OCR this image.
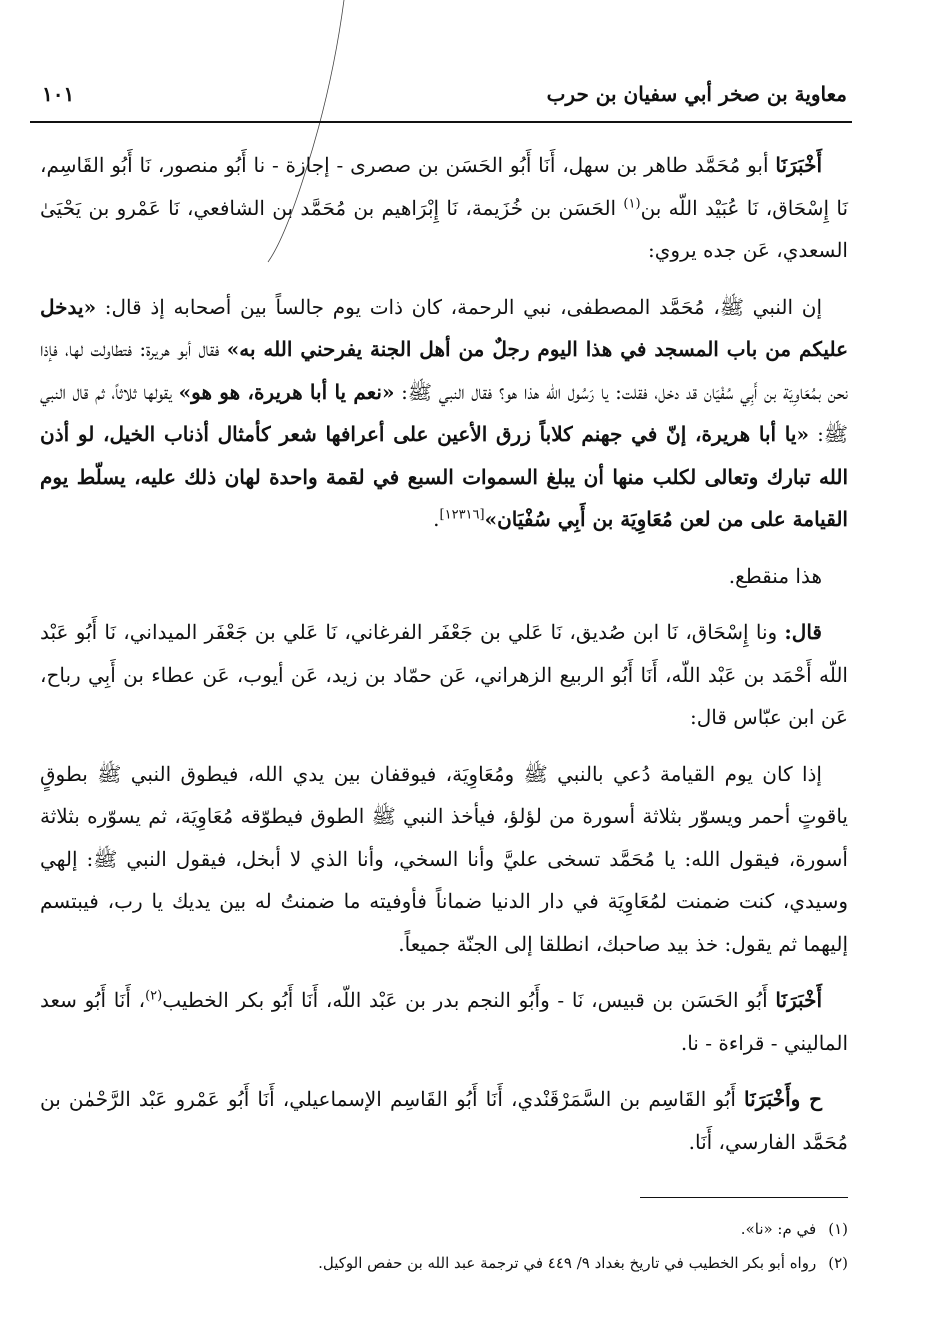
معاوية بن صخر أبي سفيان بن حرب
١٠١

أَخْبَرَنَا أبو مُحَمَّد طاهر بن سهل، أَنَا أَبُو الحَسَن بن صصرى - إجازة - نا أَبُو منصور، نَا أَبُو القَاسِم، نَا إِسْحَاق، نَا عُبَيْد اللّه بن$^{(١)}$ الحَسَن بن خُزَيمة، نَا إِبْرَاهيم بن مُحَمَّد بن الشافعي، نَا عَمْرو بن يَحْيَىٰ السعدي، عَن جده يروي:

إن النبي ﷺ، مُحَمَّد المصطفى، نبي الرحمة، كان ذات يوم جالساً بين أصحابه إذ قال: «يدخل عليكم من باب المسجد في هذا اليوم رجلٌ من أهل الجنة يفرحني الله به» فقال أبو هريرة: فتطاولت لها، فإذا نحن بمُعَاوِيَة بن أَبِي سُفْيَان قد دخل، فقلت: يا رَسُول الله هذا هو؟ فقال النبي ﷺ: «نعم يا أبا هريرة، هو هو» يقولها ثلاثاً، ثم قال النبي ﷺ: «يا أبا هريرة، إنّ في جهنم كلاباً زرق الأعين على أعرافها شعر كأمثال أذناب الخيل، لو أذن الله تبارك وتعالى لكلب منها أن يبلغ السموات السبع في لقمة واحدة لهان ذلك عليه، يسلّط يوم القيامة على من لعن مُعَاوِيَة بن أَبِي سُفْيَان»[١٢٣١٦].

هذا منقطع.

قال: ونا إِسْحَاق، نَا ابن صُديق، نَا عَلي بن جَعْفَر الفرغاني، نَا عَلي بن جَعْفَر الميداني، نَا أَبُو عَبْد اللّه أَحْمَد بن عَبْد اللّه، أَنَا أَبُو الربيع الزهراني، عَن حمّاد بن زيد، عَن أيوب، عَن عطاء بن أَبِي رباح، عَن ابن عبّاس قال:

إذا كان يوم القيامة دُعي بالنبي ﷺ ومُعَاوِيَة، فيوقفان بين يدي الله، فيطوق النبي ﷺ بطوقٍ ياقوتٍ أحمر ويسوّر بثلاثة أسورة من لؤلؤ، فيأخذ النبي ﷺ الطوق فيطوّقه مُعَاوِيَة، ثم يسوّره بثلاثة أسورة، فيقول الله: يا مُحَمَّد تسخى عليَّ وأنا السخي، وأنا الذي لا أبخل، فيقول النبي ﷺ: إلهي وسيدي، كنت ضمنت لمُعَاوِيَة في دار الدنيا ضماناً فأوفيته ما ضمنتُ له بين يديك يا رب، فيبتسم إليهما ثم يقول: خذ بيد صاحبك، انطلقا إلى الجنّة جميعاً.

أَخْبَرَنَا أَبُو الحَسَن بن قبيس، نَا - وأَبُو النجم بدر بن عَبْد اللّه، أَنَا أَبُو بكر الخطيب$^{(٢)}$، أَنَا أَبُو سعد الماليني - قراءة - نا.

ح وأَخْبَرَنَا أَبُو القَاسِم بن السَّمَرْقَنْدي، أَنَا أَبُو القَاسِم الإسماعيلي، أَنَا أَبُو عَمْرو عَبْد الرَّحْمٰن بن مُحَمَّد الفارسي، أَنَا.

(١)في م: «نا».

(٢)رواه أبو بكر الخطيب في تاريخ بغداد ٩/ ٤٤٩ في ترجمة عبد الله بن حفص الوكيل.
